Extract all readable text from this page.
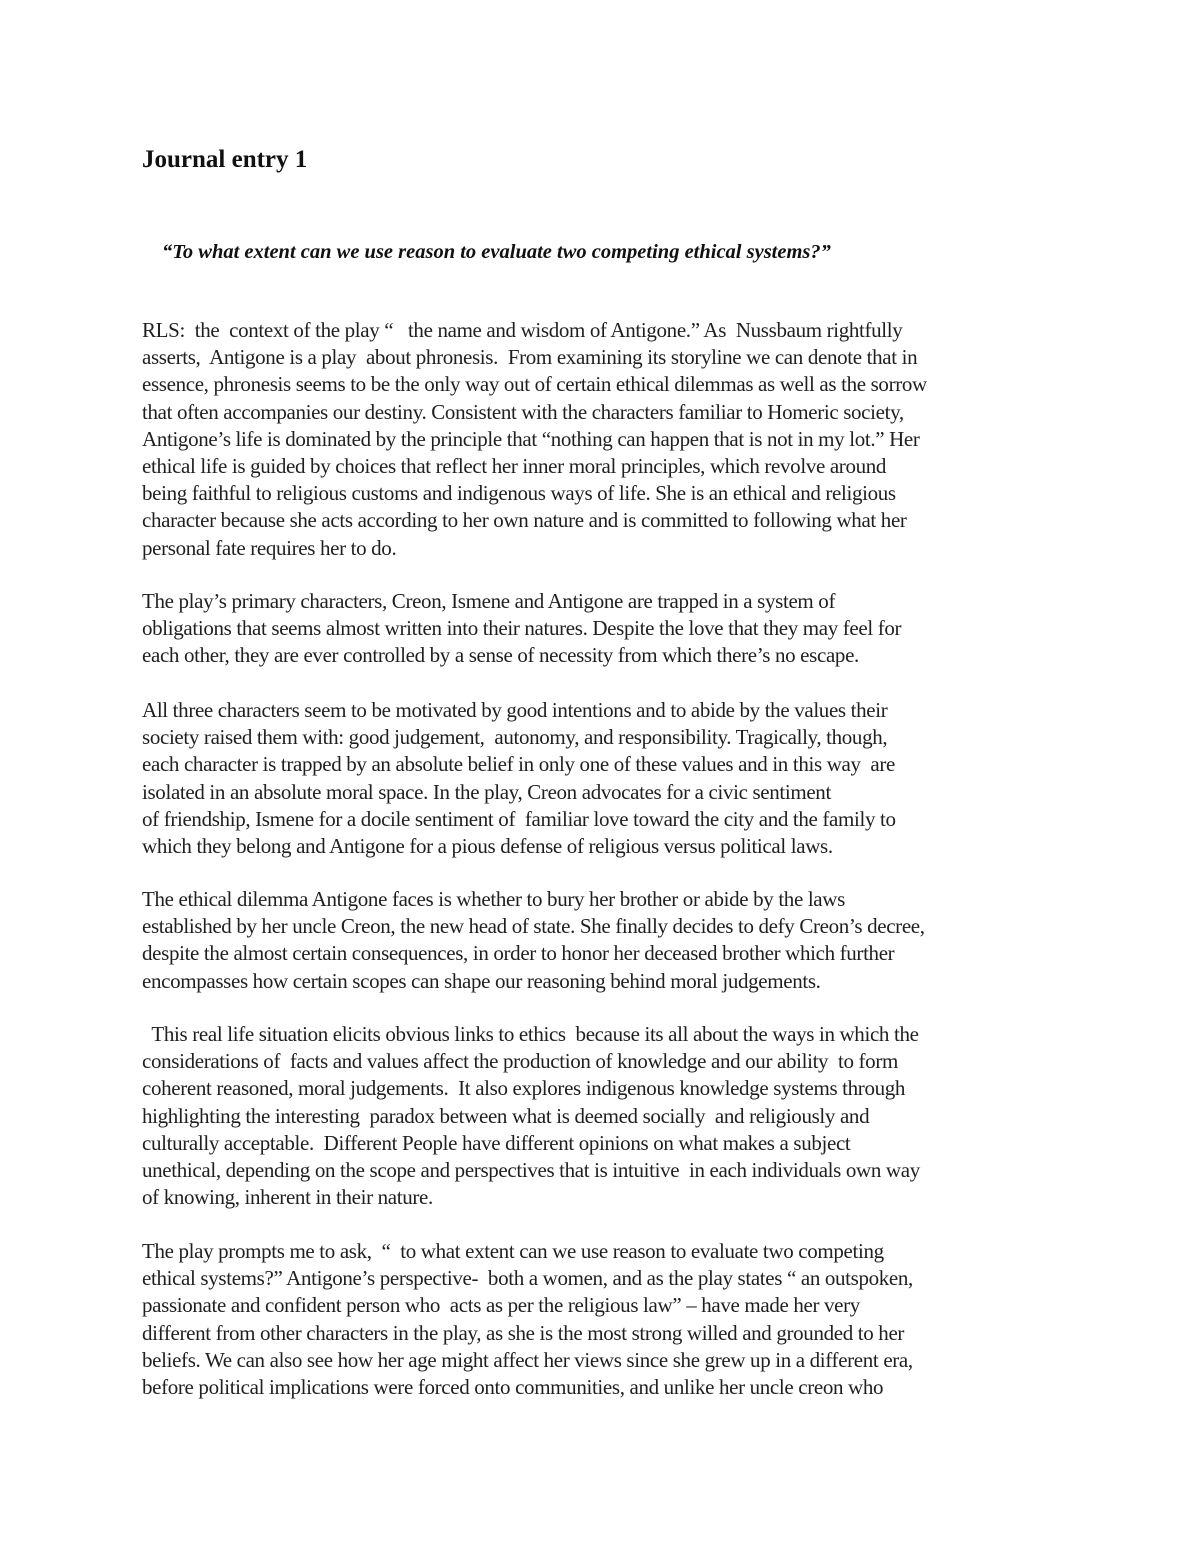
Journal entry 1

“To what extent can we use reason to evaluate two competing ethical systems?”

RLS:  the  context of the play “   the name and wisdom of Antigone.” As  Nussbaum rightfully
asserts,  Antigone is a play  about phronesis.  From examining its storyline we can denote that in
essence, phronesis seems to be the only way out of certain ethical dilemmas as well as the sorrow
that often accompanies our destiny. Consistent with the characters familiar to Homeric society,
Antigone’s life is dominated by the principle that “nothing can happen that is not in my lot.” Her
ethical life is guided by choices that reflect her inner moral principles, which revolve around
being faithful to religious customs and indigenous ways of life. She is an ethical and religious
character because she acts according to her own nature and is committed to following what her
personal fate requires her to do.
The play’s primary characters, Creon, Ismene and Antigone are trapped in a system of
obligations that seems almost written into their natures. Despite the love that they may feel for
each other, they are ever controlled by a sense of necessity from which there’s no escape.
All three characters seem to be motivated by good intentions and to abide by the values their
society raised them with: good judgement,  autonomy, and responsibility. Tragically, though,
each character is trapped by an absolute belief in only one of these values and in this way  are
isolated in an absolute moral space. In the play, Creon advocates for a civic sentiment
of friendship, Ismene for a docile sentiment of  familiar love toward the city and the family to
which they belong and Antigone for a pious defense of religious versus political laws.
The ethical dilemma Antigone faces is whether to bury her brother or abide by the laws
established by her uncle Creon, the new head of state. She finally decides to defy Creon’s decree,
despite the almost certain consequences, in order to honor her deceased brother which further
encompasses how certain scopes can shape our reasoning behind moral judgements.
This real life situation elicits obvious links to ethics  because its all about the ways in which the
considerations of  facts and values affect the production of knowledge and our ability  to form
coherent reasoned, moral judgements.  It also explores indigenous knowledge systems through
highlighting the interesting  paradox between what is deemed socially  and religiously and
culturally acceptable.  Different People have different opinions on what makes a subject
unethical, depending on the scope and perspectives that is intuitive  in each individuals own way
of knowing, inherent in their nature.
The play prompts me to ask,  “  to what extent can we use reason to evaluate two competing
ethical systems?” Antigone’s perspective-  both a women, and as the play states “ an outspoken,
passionate and confident person who  acts as per the religious law” – have made her very
different from other characters in the play, as she is the most strong willed and grounded to her
beliefs. We can also see how her age might affect her views since she grew up in a different era,
before political implications were forced onto communities, and unlike her uncle creon who
